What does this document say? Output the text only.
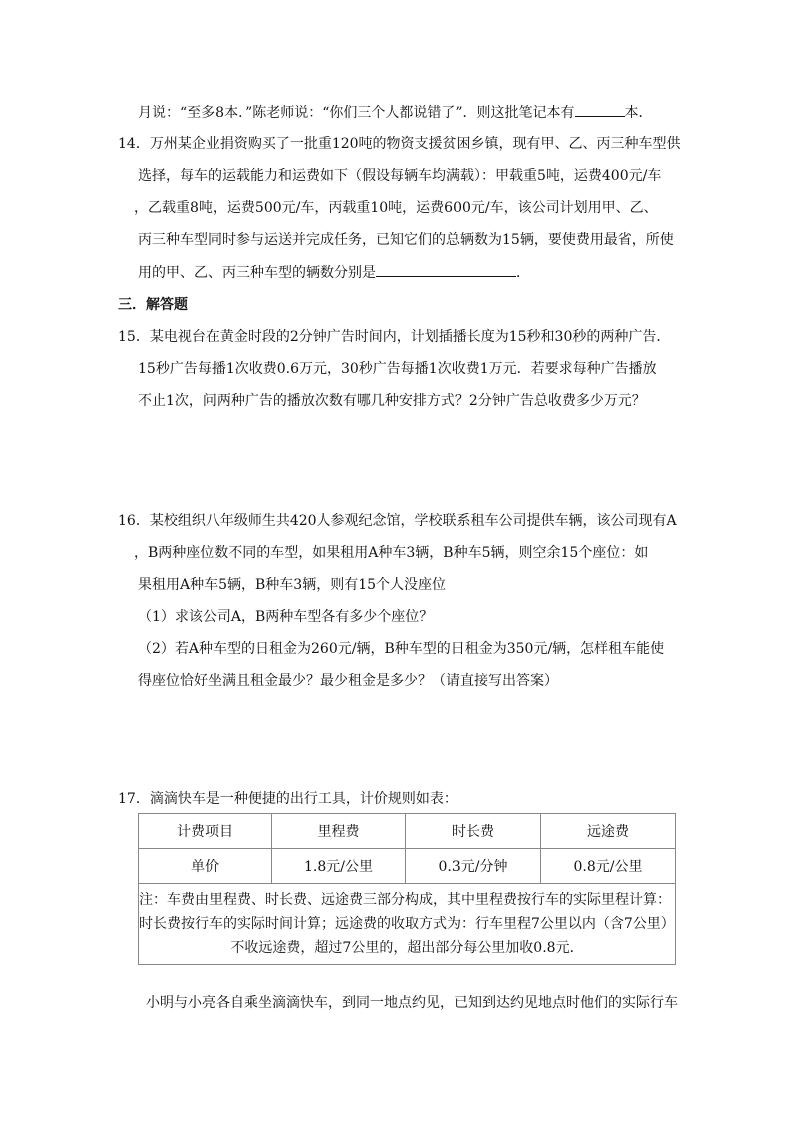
月说：“至多8本．”陈老师说：“你们三个人都说错了”．则这批笔记本有	本．
14．万州某企业捐资购买了一批重120吨的物资支援贫困乡镇，现有甲、乙、丙三种车型供
选择，每车的运载能力和运费如下（假设每辆车均满载）：甲载重5吨，运费400元/车
，乙载重8吨，运费500元/车，丙载重10吨，运费600元/车，该公司计划用甲、乙、
丙三种车型同时参与运送并完成任务，已知它们的总辆数为15辆，要使费用最省，所使
用的甲、乙、丙三种车型的辆数分别是	．
三．解答题
15．某电视台在黄金时段的2分钟广告时间内，计划插播长度为15秒和30秒的两种广告．
15秒广告每播1次收费0.6万元，30秒广告每播1次收费1万元．若要求每种广告播放
不止1次，问两种广告的播放次数有哪几种安排方式？2分钟广告总收费多少万元？
16．某校组织八年级师生共420人参观纪念馆，学校联系租车公司提供车辆，该公司现有A
，B两种座位数不同的车型，如果租用A种车3辆，B种车5辆，则空余15个座位：如
果租用A种车5辆，B种车3辆，则有15个人没座位
（1）求该公司A，B两种车型各有多少个座位？
（2）若A种车型的日租金为260元/辆，B种车型的日租金为350元/辆，怎样租车能使
得座位恰好坐满且租金最少？最少租金是多少？（请直接写出答案）
17．滴滴快车是一种便捷的出行工具，计价规则如表：
计费项目	里程费	时长费	远途费
单价	1.8元/公里	0.3元/分钟	0.8元/公里

注：车费由里程费、时长费、远途费三部分构成，其中里程费按行车的实际里程计算：
时长费按行车的实际时间计算；远途费的收取方式为：行车里程7公里以内（含7公里）
不收远途费，超过7公里的，超出部分每公里加收0.8元．			
小明与小亮各自乘坐滴滴快车，到同一地点约见，已知到达约见地点时他们的实际行车
